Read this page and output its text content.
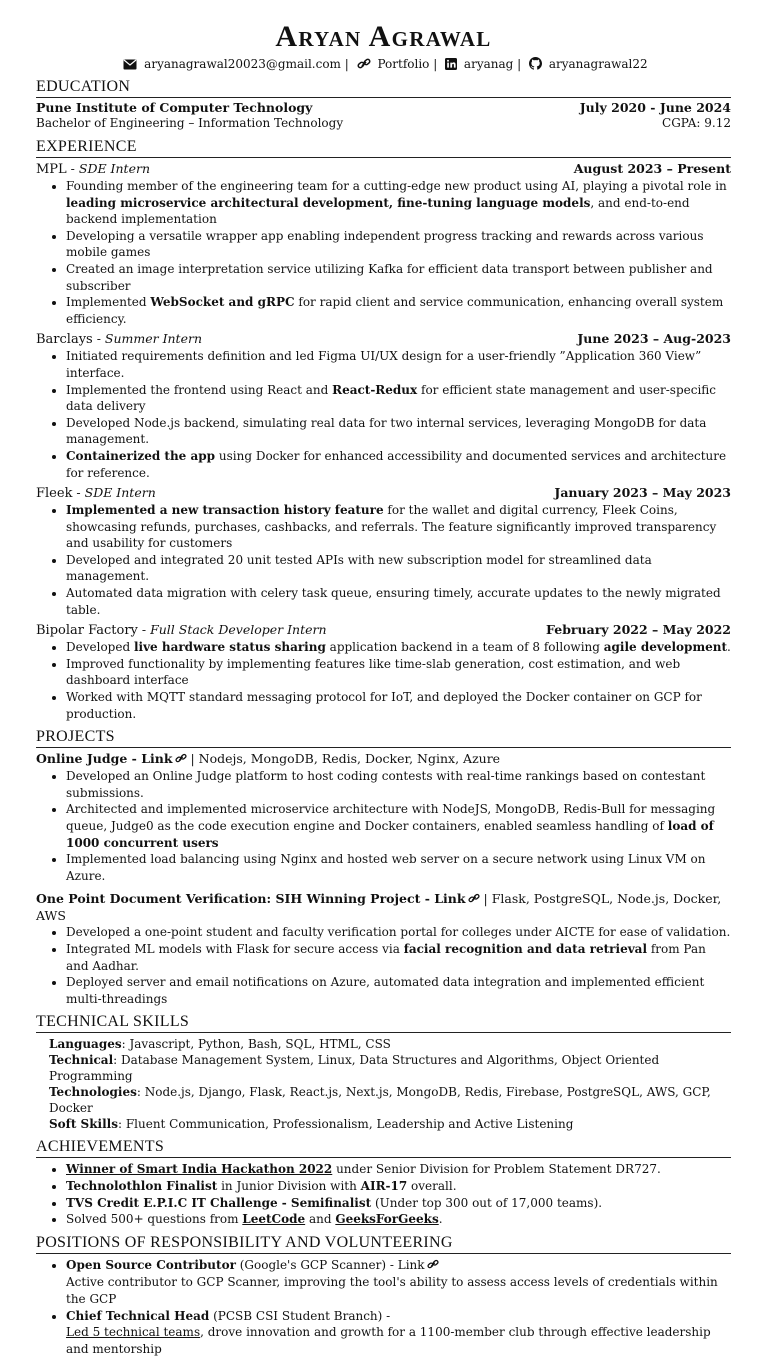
Aryan Agrawal
aryanagrawal20023@gmail.com | Portfolio | aryanag | aryanagrawal22
EDUCATION
Pune Institute of Computer Technology	July 2020 - June 2024
Bachelor of Engineering – Information Technology	CGPA: 9.12
EXPERIENCE
MPL - SDE Intern	August 2023 – Present
• Founding member of the engineering team for a cutting-edge new product using AI, playing a pivotal role in leading microservice architectural development, fine-tuning language models, and end-to-end backend implementation
• Developing a versatile wrapper app enabling independent progress tracking and rewards across various mobile games
• Created an image interpretation service utilizing Kafka for efficient data transport between publisher and subscriber
• Implemented WebSocket and gRPC for rapid client and service communication, enhancing overall system efficiency.
Barclays - Summer Intern	June 2023 – Aug-2023
• Initiated requirements definition and led Figma UI/UX design for a user-friendly ”Application 360 View” interface.
• Implemented the frontend using React and React-Redux for efficient state management and user-specific data delivery
• Developed Node.js backend, simulating real data for two internal services, leveraging MongoDB for data management.
• Containerized the app using Docker for enhanced accessibility and documented services and architecture for reference.
Fleek - SDE Intern	January 2023 – May 2023
• Implemented a new transaction history feature for the wallet and digital currency, Fleek Coins, showcasing refunds, purchases, cashbacks, and referrals. The feature significantly improved transparency and usability for customers
• Developed and integrated 20 unit tested APIs with new subscription model for streamlined data management.
• Automated data migration with celery task queue, ensuring timely, accurate updates to the newly migrated table.
Bipolar Factory - Full Stack Developer Intern	February 2022 – May 2022
• Developed live hardware status sharing application backend in a team of 8 following agile development.
• Improved functionality by implementing features like time-slab generation, cost estimation, and web dashboard interface
• Worked with MQTT standard messaging protocol for IoT, and deployed the Docker container on GCP for production.
PROJECTS
Online Judge - Link | Nodejs, MongoDB, Redis, Docker, Nginx, Azure
• Developed an Online Judge platform to host coding contests with real-time rankings based on contestant submissions.
• Architected and implemented microservice architecture with NodeJS, MongoDB, Redis-Bull for messaging queue, Judge0 as the code execution engine and Docker containers, enabled seamless handling of load of 1000 concurrent users
• Implemented load balancing using Nginx and hosted web server on a secure network using Linux VM on Azure.
One Point Document Verification: SIH Winning Project - Link | Flask, PostgreSQL, Node.js, Docker, AWS
• Developed a one-point student and faculty verification portal for colleges under AICTE for ease of validation.
• Integrated ML models with Flask for secure access via facial recognition and data retrieval from Pan and Aadhar.
• Deployed server and email notifications on Azure, automated data integration and implemented efficient multi-threadings
TECHNICAL SKILLS
Languages: Javascript, Python, Bash, SQL, HTML, CSS
Technical: Database Management System, Linux, Data Structures and Algorithms, Object Oriented Programming
Technologies: Node.js, Django, Flask, React.js, Next.js, MongoDB, Redis, Firebase, PostgreSQL, AWS, GCP, Docker
Soft Skills: Fluent Communication, Professionalism, Leadership and Active Listening
ACHIEVEMENTS
• Winner of Smart India Hackathon 2022 under Senior Division for Problem Statement DR727.
• Technolothlon Finalist in Junior Division with AIR-17 overall.
• TVS Credit E.P.I.C IT Challenge - Semifinalist (Under top 300 out of 17,000 teams).
• Solved 500+ questions from LeetCode and GeeksForGeeks.
POSITIONS OF RESPONSIBILITY AND VOLUNTEERING
• Open Source Contributor (Google's GCP Scanner) - Link
Active contributor to GCP Scanner, improving the tool's ability to assess access levels of credentials within the GCP
• Chief Technical Head (PCSB CSI Student Branch) -
Led 5 technical teams, drove innovation and growth for a 1100-member club through effective leadership and mentorship
